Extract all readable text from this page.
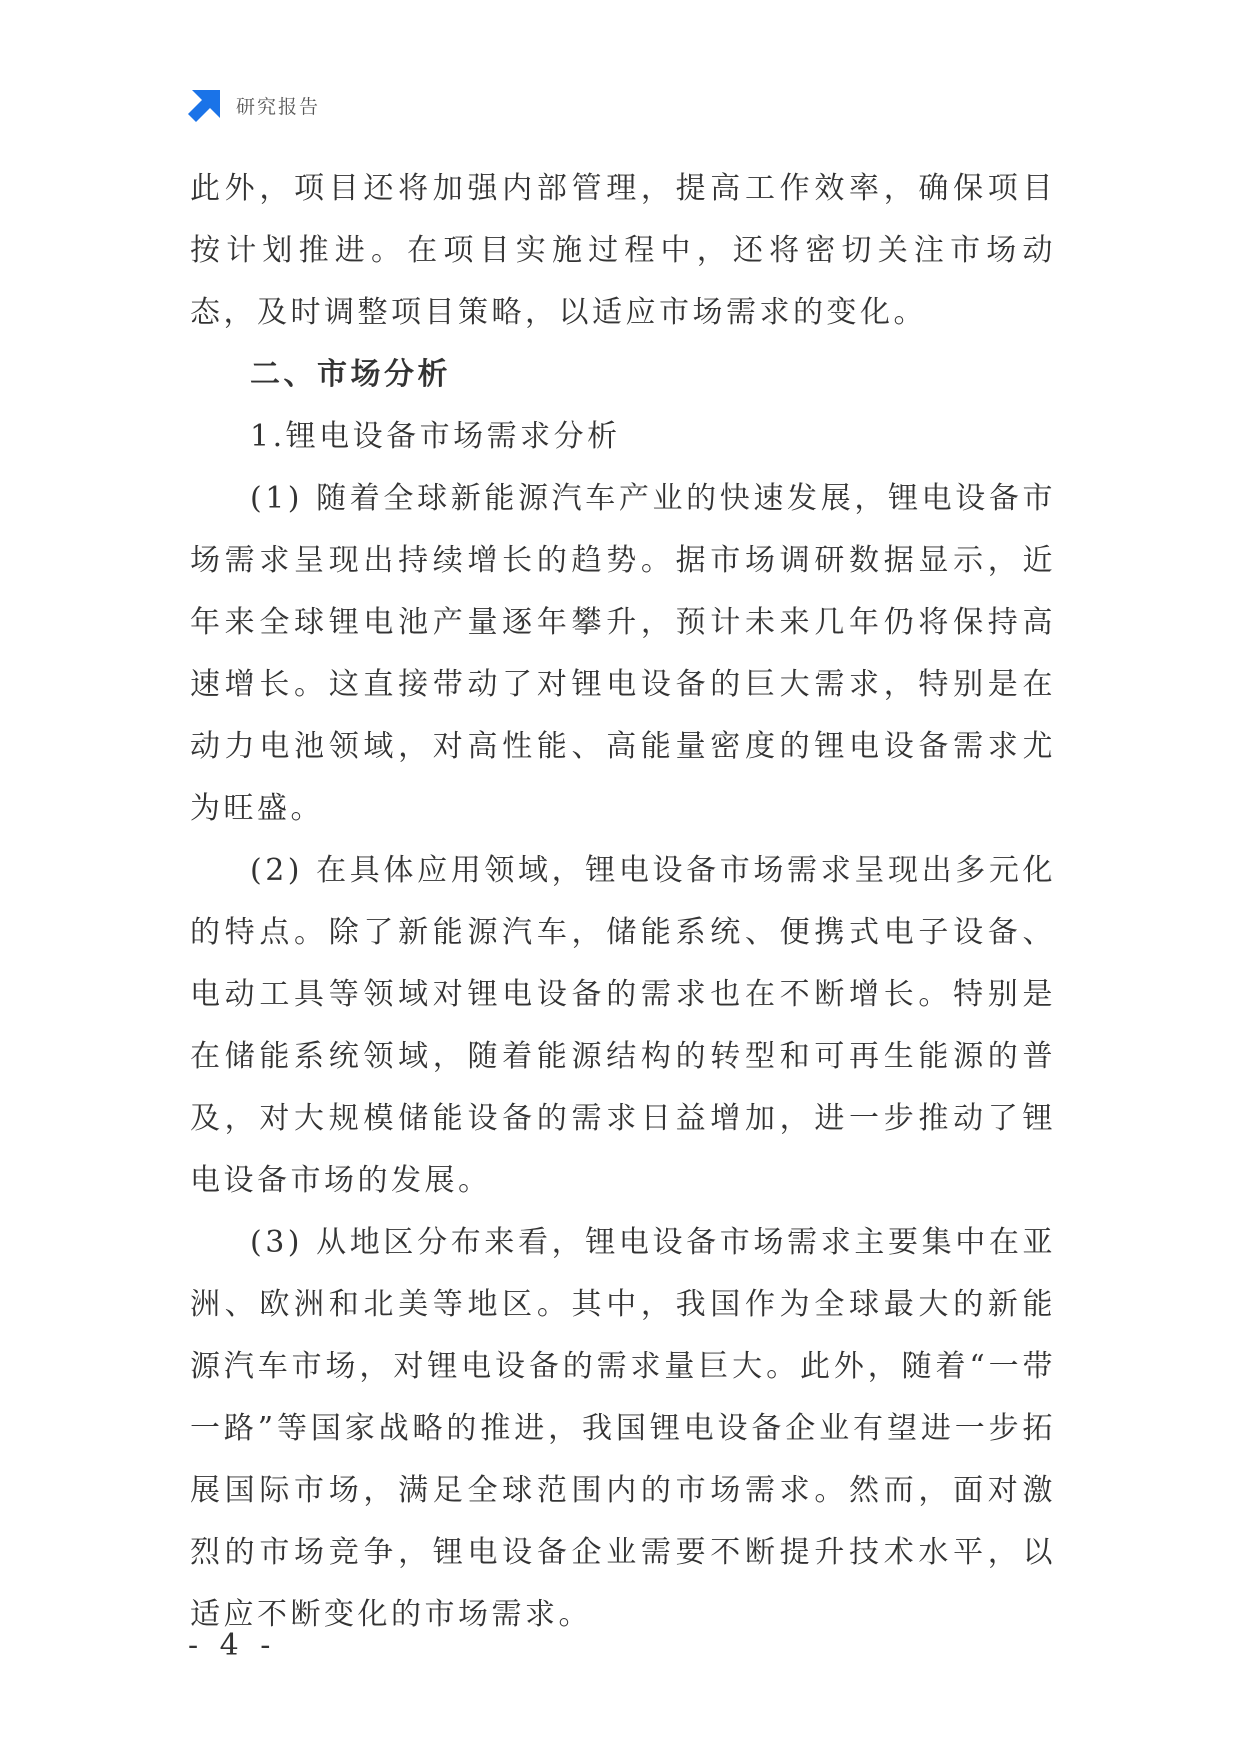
研究报告

此外，项目还将加强内部管理，提高工作效率，确保项目按计划推进。在项目实施过程中，还将密切关注市场动态，及时调整项目策略，以适应市场需求的变化。

二、市场分析

1.锂电设备市场需求分析

(1) 随着全球新能源汽车产业的快速发展，锂电设备市场需求呈现出持续增长的趋势。据市场调研数据显示，近年来全球锂电池产量逐年攀升，预计未来几年仍将保持高速增长。这直接带动了对锂电设备的巨大需求，特别是在动力电池领域，对高性能、高能量密度的锂电设备需求尤为旺盛。

(2) 在具体应用领域，锂电设备市场需求呈现出多元化的特点。除了新能源汽车，储能系统、便携式电子设备、电动工具等领域对锂电设备的需求也在不断增长。特别是在储能系统领域，随着能源结构的转型和可再生能源的普及，对大规模储能设备的需求日益增加，进一步推动了锂电设备市场的发展。

(3) 从地区分布来看，锂电设备市场需求主要集中在亚洲、欧洲和北美等地区。其中，我国作为全球最大的新能源汽车市场，对锂电设备的需求量巨大。此外，随着“一带一路”等国家战略的推进，我国锂电设备企业有望进一步拓展国际市场，满足全球范围内的市场需求。然而，面对激烈的市场竞争，锂电设备企业需要不断提升技术水平，以适应不断变化的市场需求。

- 4 -
